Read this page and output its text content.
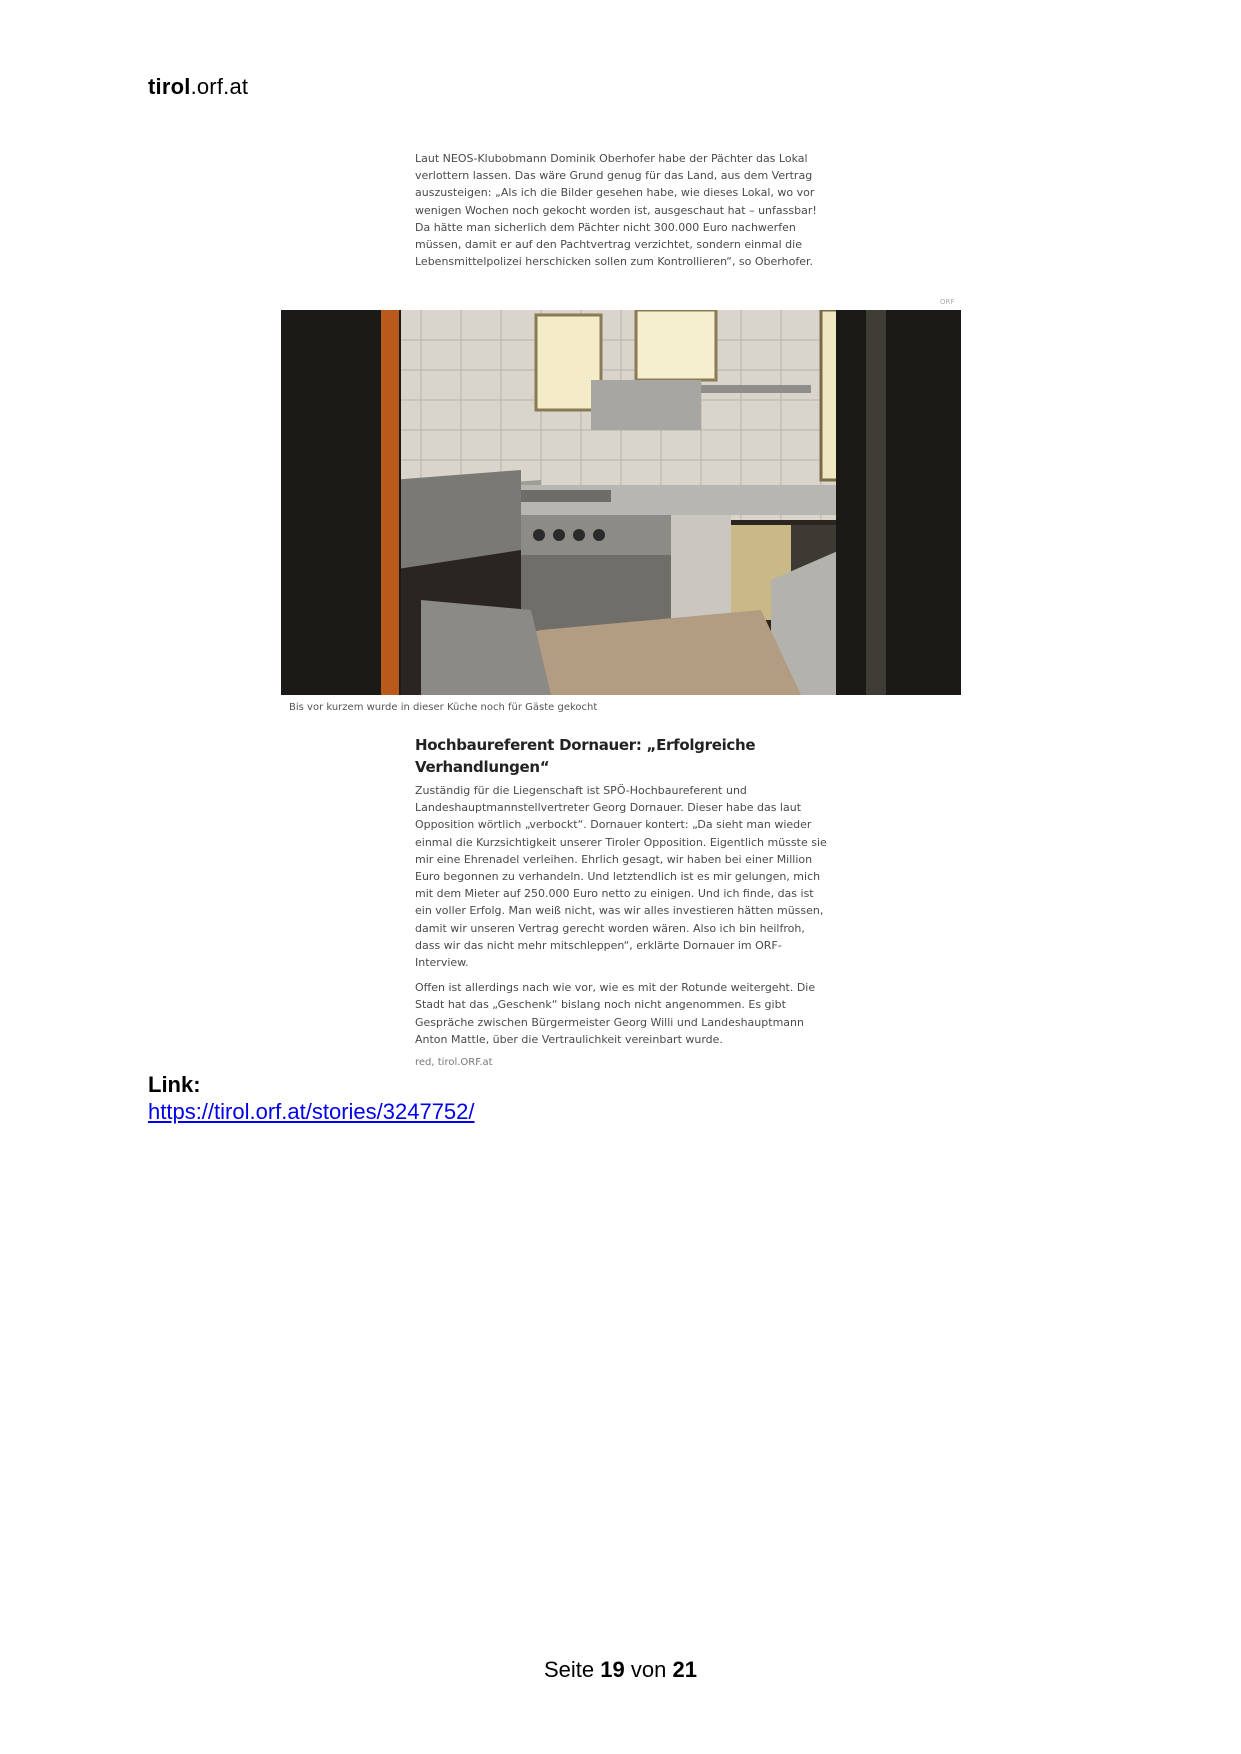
tirol.orf.at

Laut NEOS-Klubobmann Dominik Oberhofer habe der Pächter das Lokal verlottern lassen. Das wäre Grund genug für das Land, aus dem Vertrag auszusteigen: „Als ich die Bilder gesehen habe, wie dieses Lokal, wo vor wenigen Wochen noch gekocht worden ist, ausgeschaut hat – unfassbar! Da hätte man sicherlich dem Pächter nicht 300.000 Euro nachwerfen müssen, damit er auf den Pachtvertrag verzichtet, sondern einmal die Lebensmittelpolizei herschicken sollen zum Kontrollieren“, so Oberhofer.

ORF
Bis vor kurzem wurde in dieser Küche noch für Gäste gekocht
Hochbaureferent Dornauer: „Erfolgreiche Verhandlungen“

Zuständig für die Liegenschaft ist SPÖ-Hochbaureferent und Landeshauptmannstellvertreter Georg Dornauer. Dieser habe das laut Opposition wörtlich „verbockt“. Dornauer kontert: „Da sieht man wieder einmal die Kurzsichtigkeit unserer Tiroler Opposition. Eigentlich müsste sie mir eine Ehrenadel verleihen. Ehrlich gesagt, wir haben bei einer Million Euro begonnen zu verhandeln. Und letztendlich ist es mir gelungen, mich mit dem Mieter auf 250.000 Euro netto zu einigen. Und ich finde, das ist ein voller Erfolg. Man weiß nicht, was wir alles investieren hätten müssen, damit wir unseren Vertrag gerecht worden wären. Also ich bin heilfroh, dass wir das nicht mehr mitschleppen“, erklärte Dornauer im ORF-Interview.

Offen ist allerdings nach wie vor, wie es mit der Rotunde weitergeht. Die Stadt hat das „Geschenk“ bislang noch nicht angenommen. Es gibt Gespräche zwischen Bürgermeister Georg Willi und Landeshauptmann Anton Mattle, über die Vertraulichkeit vereinbart wurde.

red, tirol.ORF.at
Link:
https://tirol.orf.at/stories/3247752/
Seite 19 von 21
